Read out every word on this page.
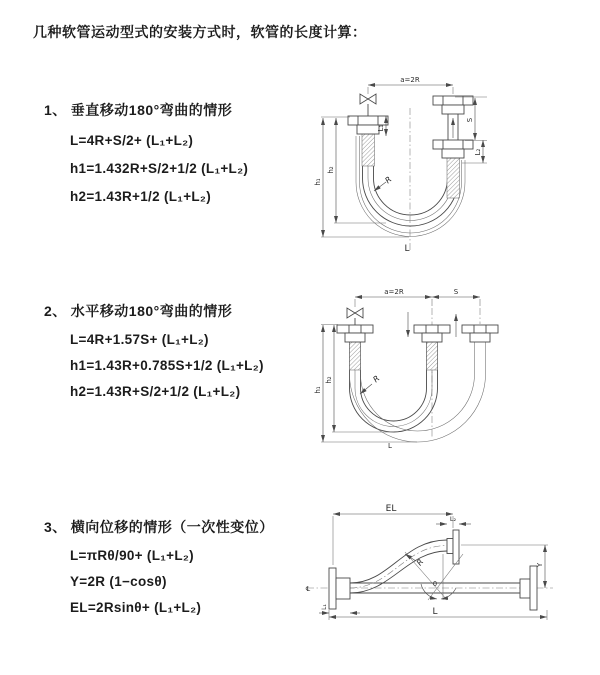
几种软管运动型式的安装方式时，软管的长度计算：
1、 垂直移动180°弯曲的情形
L=4R+S/2+ (L₁+L₂)
h1=1.432R+S/2+1/2 (L₁+L₂)
h2=1.43R+1/2 (L₁+L₂)
2、 水平移动180°弯曲的情形
L=4R+1.57S+ (L₁+L₂)
h1=1.43R+0.785S+1/2 (L₁+L₂)
h2=1.43R+S/2+1/2 (L₁+L₂)
3、 横向位移的情形（一次性变位）
L=πRθ/90+ (L₁+L₂)
Y=2R (1−cosθ)
EL=2Rsinθ+ (L₁+L₂)
a=2R
L₁
S
L₂
h₂
h₁	R
L
a=2R	S
h₂
h₁
R
L
EL
L₂
Y
R
θ
L
L₁
℄
